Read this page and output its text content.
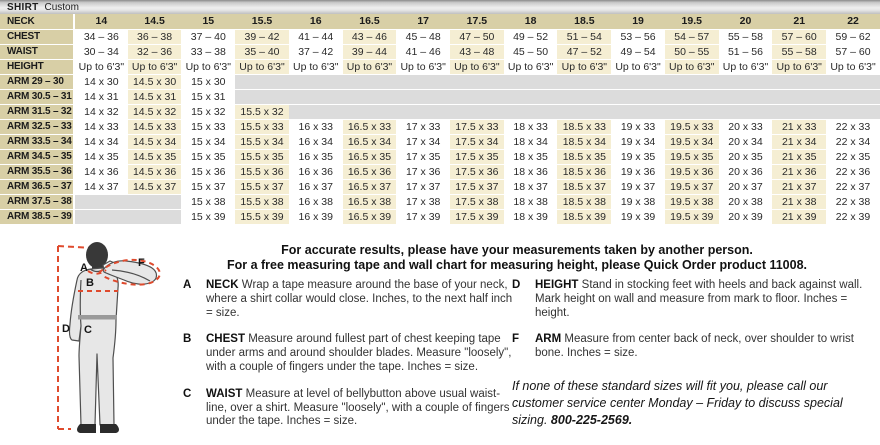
SHIRT Custom
NECK	14	14.5	15	15.5	16	16.5	17	17.5	18	18.5	19	19.5	20	21	22
CHEST	34 – 36	36 – 38	37 – 40	39 – 42	41 – 44	43 – 46	45 – 48	47 – 50	49 – 52	51 – 54	53 – 56	54 – 57	55 – 58	57 – 60	59 – 62
WAIST	30 – 34	32 – 36	33 – 38	35 – 40	37 – 42	39 – 44	41 – 46	43 – 48	45 – 50	47 – 52	49 – 54	50 – 55	51 – 56	55 – 58	57 – 60
HEIGHT	Up to 6'3"	Up to 6'3"	Up to 6'3"	Up to 6'3"	Up to 6'3"	Up to 6'3"	Up to 6'3"	Up to 6'3"	Up to 6'3"	Up to 6'3"	Up to 6'3"	Up to 6'3"	Up to 6'3"	Up to 6'3"	Up to 6'3"
ARM 29 – 30	14 x 30	14.5 x 30	15 x 30												
ARM 30.5 – 31	14 x 31	14.5 x 31	15 x 31												
ARM 31.5 – 32	14 x 32	14.5 x 32	15 x 32	15.5 x 32											
ARM 32.5 – 33	14 x 33	14.5 x 33	15 x 33	15.5 x 33	16 x 33	16.5 x 33	17 x 33	17.5 x 33	18 x 33	18.5 x 33	19 x 33	19.5 x 33	20 x 33	21 x 33	22 x 33
ARM 33.5 – 34	14 x 34	14.5 x 34	15 x 34	15.5 x 34	16 x 34	16.5 x 34	17 x 34	17.5 x 34	18 x 34	18.5 x 34	19 x 34	19.5 x 34	20 x 34	21 x 34	22 x 34
ARM 34.5 – 35	14 x 35	14.5 x 35	15 x 35	15.5 x 35	16 x 35	16.5 x 35	17 x 35	17.5 x 35	18 x 35	18.5 x 35	19 x 35	19.5 x 35	20 x 35	21 x 35	22 x 35
ARM 35.5 – 36	14 x 36	14.5 x 36	15 x 36	15.5 x 36	16 x 36	16.5 x 36	17 x 36	17.5 x 36	18 x 36	18.5 x 36	19 x 36	19.5 x 36	20 x 36	21 x 36	22 x 36
ARM 36.5 – 37	14 x 37	14.5 x 37	15 x 37	15.5 x 37	16 x 37	16.5 x 37	17 x 37	17.5 x 37	18 x 37	18.5 x 37	19 x 37	19.5 x 37	20 x 37	21 x 37	22 x 37
ARM 37.5 – 38			15 x 38	15.5 x 38	16 x 38	16.5 x 38	17 x 38	17.5 x 38	18 x 38	18.5 x 38	19 x 38	19.5 x 38	20 x 38	21 x 38	22 x 38
ARM 38.5 – 39			15 x 39	15.5 x 39	16 x 39	16.5 x 39	17 x 39	17.5 x 39	18 x 39	18.5 x 39	19 x 39	19.5 x 39	20 x 39	21 x 39	22 x 39
A
B
C
D
F
For accurate results, please have your measurements taken by another person.
For a free measuring tape and wall chart for measuring height, please Quick Order product 11008.
A NECK Wrap a tape measure around the base of your neck, where a shirt collar would close. Inches, to the next half inch = size.
B CHEST Measure around fullest part of chest keeping tape under arms and around shoulder blades. Measure "loosely", with a couple of fingers under the tape. Inches = size.
C WAIST Measure at level of bellybutton above usual waist-line, over a shirt. Measure "loosely", with a couple of fingers under the tape. Inches = size.
D HEIGHT Stand in stocking feet with heels and back against wall. Mark height on wall and measure from mark to floor. Inches = height.
F ARM Measure from center back of neck, over shoulder to wrist bone. Inches = size.

If none of these standard sizes will fit you, please call our customer service center Monday – Friday to discuss special sizing. 800-225-2569.
